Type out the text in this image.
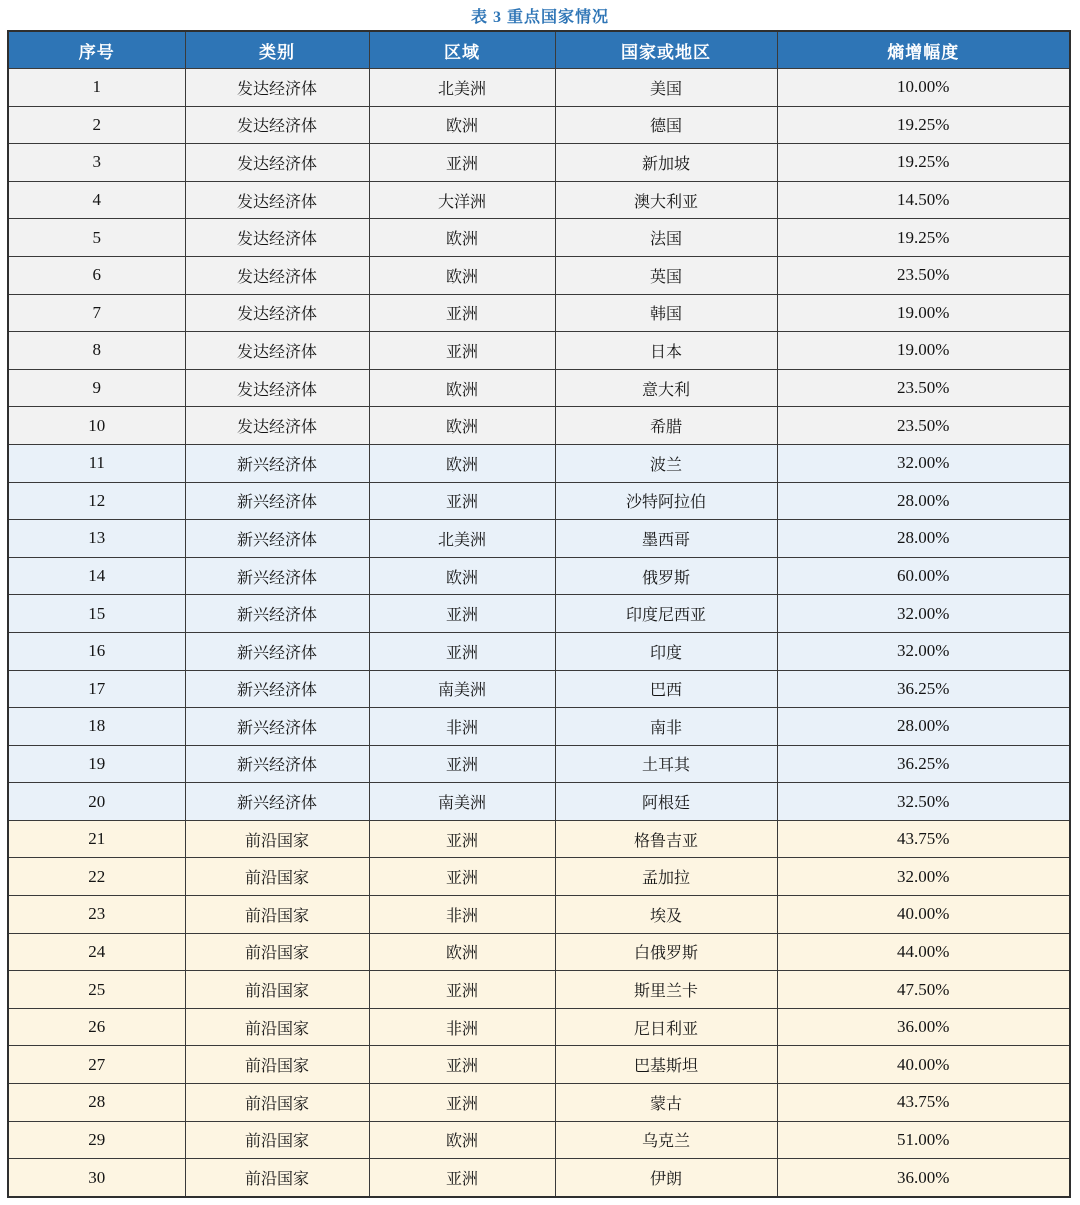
表 3 重点国家情况
序号	类别	区域	国家或地区	熵增幅度
1	发达经济体	北美洲	美国	10.00%
2	发达经济体	欧洲	德国	19.25%
3	发达经济体	亚洲	新加坡	19.25%
4	发达经济体	大洋洲	澳大利亚	14.50%
5	发达经济体	欧洲	法国	19.25%
6	发达经济体	欧洲	英国	23.50%
7	发达经济体	亚洲	韩国	19.00%
8	发达经济体	亚洲	日本	19.00%
9	发达经济体	欧洲	意大利	23.50%
10	发达经济体	欧洲	希腊	23.50%
11	新兴经济体	欧洲	波兰	32.00%
12	新兴经济体	亚洲	沙特阿拉伯	28.00%
13	新兴经济体	北美洲	墨西哥	28.00%
14	新兴经济体	欧洲	俄罗斯	60.00%
15	新兴经济体	亚洲	印度尼西亚	32.00%
16	新兴经济体	亚洲	印度	32.00%
17	新兴经济体	南美洲	巴西	36.25%
18	新兴经济体	非洲	南非	28.00%
19	新兴经济体	亚洲	土耳其	36.25%
20	新兴经济体	南美洲	阿根廷	32.50%
21	前沿国家	亚洲	格鲁吉亚	43.75%
22	前沿国家	亚洲	孟加拉	32.00%
23	前沿国家	非洲	埃及	40.00%
24	前沿国家	欧洲	白俄罗斯	44.00%
25	前沿国家	亚洲	斯里兰卡	47.50%
26	前沿国家	非洲	尼日利亚	36.00%
27	前沿国家	亚洲	巴基斯坦	40.00%
28	前沿国家	亚洲	蒙古	43.75%
29	前沿国家	欧洲	乌克兰	51.00%
30	前沿国家	亚洲	伊朗	36.00%
